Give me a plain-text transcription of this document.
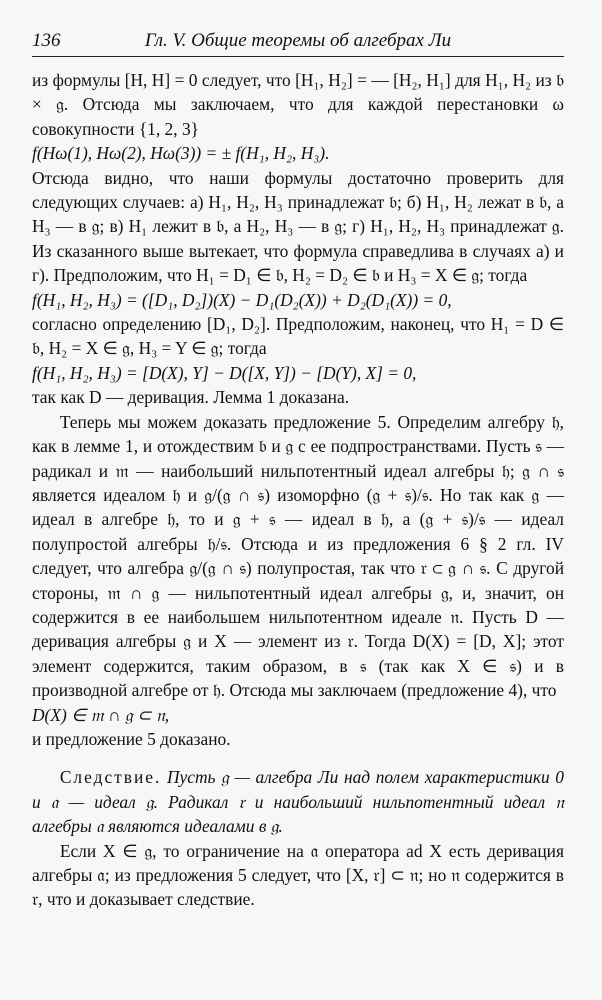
136	Гл. V. Общие теоремы об алгебрах Ли

из формулы [H, H] = 0 следует, что [H₁, H₂] = — [H₂, H₁] для H₁, H₂ из 𝔟 × 𝔤. Отсюда мы заключаем, что для каждой перестановки ω совокупности {1, 2, 3}

f(Hω(1), Hω(2), Hω(3)) = ± f(H₁, H₂, H₃).

Отсюда видно, что наши формулы достаточно проверить для следующих случаев: а) H₁, H₂, H₃ принадлежат 𝔟; б) H₁, H₂ лежат в 𝔟, а H₃ — в 𝔤; в) H₁ лежит в 𝔟, а H₂, H₃ — в 𝔤; г) H₁, H₂, H₃ принадлежат 𝔤. Из сказанного выше вытекает, что формула справедлива в случаях а) и г). Предположим, что H₁ = D₁ ∈ 𝔟, H₂ = D₂ ∈ 𝔟 и H₃ = X ∈ 𝔤; тогда

f(H₁, H₂, H₃) = ([D₁, D₂])(X) − D₁(D₂(X)) + D₂(D₁(X)) = 0,

согласно определению [D₁, D₂]. Предположим, наконец, что H₁ = D ∈ 𝔟, H₂ = X ∈ 𝔤, H₃ = Y ∈ 𝔤; тогда

f(H₁, H₂, H₃) = [D(X), Y] − D([X, Y]) − [D(Y), X] = 0,

так как D — деривация. Лемма 1 доказана.

Теперь мы можем доказать предложение 5. Определим алгебру 𝔥, как в лемме 1, и отождествим 𝔟 и 𝔤 с ее подпространствами. Пусть 𝔰 — радикал и 𝔪 — наибольший нильпотентный идеал алгебры 𝔥; 𝔤 ∩ 𝔰 является идеалом 𝔥 и 𝔤/(𝔤 ∩ 𝔰) изоморфно (𝔤 + 𝔰)/𝔰. Но так как 𝔤 — идеал в алгебре 𝔥, то и 𝔤 + 𝔰 — идеал в 𝔥, а (𝔤 + 𝔰)/𝔰 — идеал полупростой алгебры 𝔥/𝔰. Отсюда и из предложения 6 § 2 гл. IV следует, что алгебра 𝔤/(𝔤 ∩ 𝔰) полупростая, так что 𝔯 ⊂ 𝔤 ∩ 𝔰. С другой стороны, 𝔪 ∩ 𝔤 — нильпотентный идеал алгебры 𝔤, и, значит, он содержится в ее наибольшем нильпотентном идеале 𝔫. Пусть D — деривация алгебры 𝔤 и X — элемент из 𝔯. Тогда D(X) = [D, X]; этот элемент содержится, таким образом, в 𝔰 (так как X ∈ 𝔰) и в производной алгебре от 𝔥. Отсюда мы заключаем (предложение 4), что

D(X) ∈ 𝔪 ∩ 𝔤 ⊂ 𝔫,

и предложение 5 доказано.

Следствие. Пусть 𝔤 — алгебра Ли над полем характеристики 0 и 𝔞 — идеал 𝔤. Радикал 𝔯 и наибольший нильпотентный идеал 𝔫 алгебры 𝔞 являются идеалами в 𝔤.

Если X ∈ 𝔤, то ограничение на 𝔞 оператора ad X есть деривация алгебры 𝔞; из предложения 5 следует, что [X, 𝔯] ⊂ 𝔫; но 𝔫 содержится в 𝔯, что и доказывает следствие.
